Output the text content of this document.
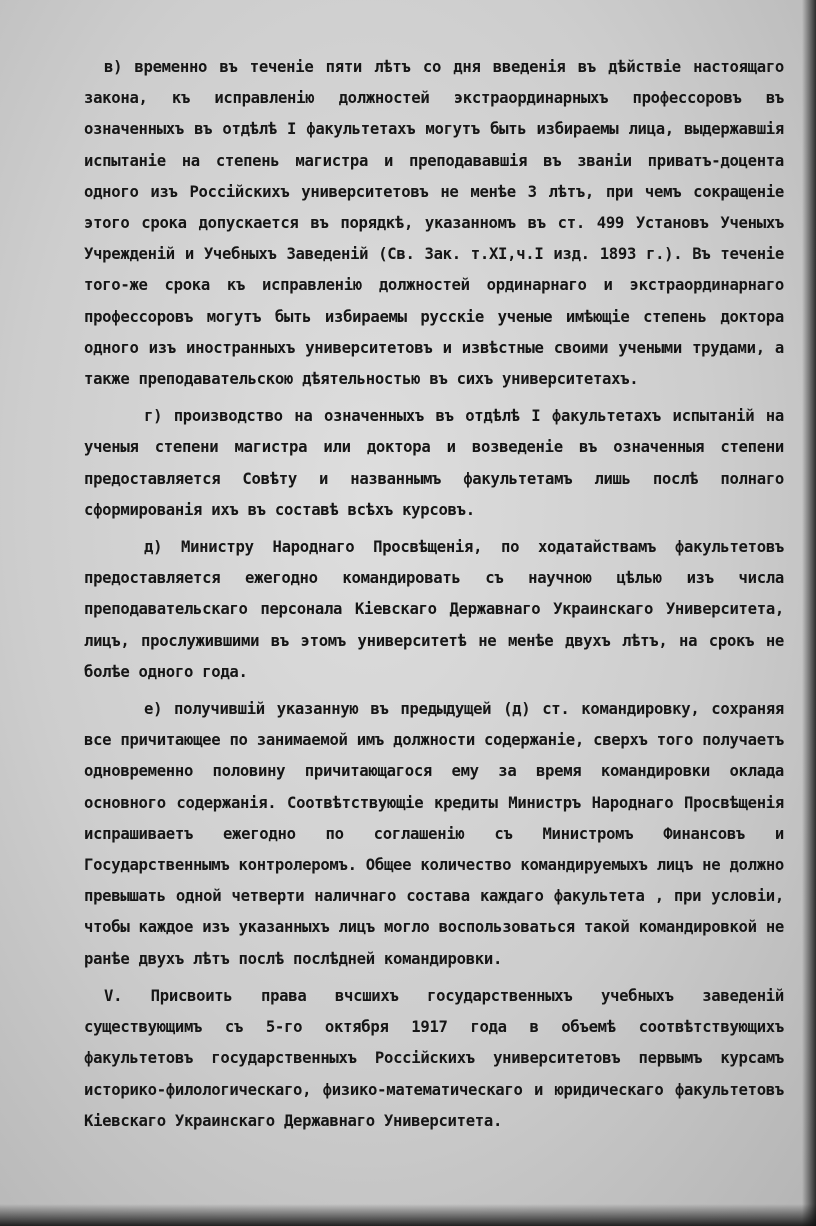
в) временно въ теченіе пяти лѣтъ со дня введенія въ дѣйствіе настоящаго закона, къ исправленію должностей экстраординарныхъ профессоровъ въ означенныхъ въ отдѣлѣ I факультетахъ могутъ быть избираемы лица, выдержавшія испытаніе на степень магистра и преподававшія въ званіи приватъ-доцента одного изъ Россійскихъ университетовъ не менѣе 3 лѣтъ, при чемъ сокращеніе этого срока допускается въ порядкѣ, указанномъ въ ст. 499 Установъ Ученыхъ Учрежденій и Учебныхъ Заведеній (Св. Зак. т.XI,ч.I изд. 1893 г.). Въ теченіе того-же срока къ исправленію должностей ординарнаго и экстраординарнаго профессоровъ могутъ быть избираемы русскіе ученые имѣющіе степень доктора одного изъ иностранныхъ университетовъ и извѣстные своими учеными трудами, а также преподавательскою дѣятельностью въ сихъ университетахъ.

г) производство на означенныхъ въ отдѣлѣ I факультетахъ испытаній на ученыя степени магистра или доктора и возведеніе въ означенныя степени предоставляется Совѣту и названнымъ факультетамъ лишь послѣ полнаго сформированія ихъ въ составѣ всѣхъ курсовъ.

д) Министру Народнаго Просвѣщенія, по ходатайствамъ факультетовъ предоставляется ежегодно командировать съ научною цѣлью изъ числа преподавательскаго персонала Кіевскаго Державнаго Украинскаго Университета, лицъ, прослужившими въ этомъ университетѣ не менѣе двухъ лѣтъ, на срокъ не болѣе одного года.

е) получившій указанную въ предыдущей (д) ст. командировку, сохраняя все причитающее по занимаемой имъ должности содержаніе, сверхъ того получаетъ одновременно половину причитающагося ему за время командировки оклада основного содержанія. Соотвѣтствующіе кредиты Министръ Народнаго Просвѣщенія испрашиваетъ ежегодно по соглашенію съ Министромъ Финансовъ и Государственнымъ контролеромъ. Общее количество командируемыхъ лицъ не должно превышать одной четверти наличнаго состава каждаго факультета , при условіи, чтобы каждое изъ указанныхъ лицъ могло воспользоваться такой командировкой не ранѣе двухъ лѣтъ послѣ послѣдней командировки.

V. Присвоить права вчсшихъ государственныхъ учебныхъ заведеній существующимъ съ 5-го октября 1917 года в объемѣ соотвѣтствующихъ факультетовъ государственныхъ Россійскихъ университетовъ первымъ курсамъ историко-филологическаго, физико-математическаго и юридическаго факультетовъ Кіевскаго Украинскаго Державнаго Университета.
